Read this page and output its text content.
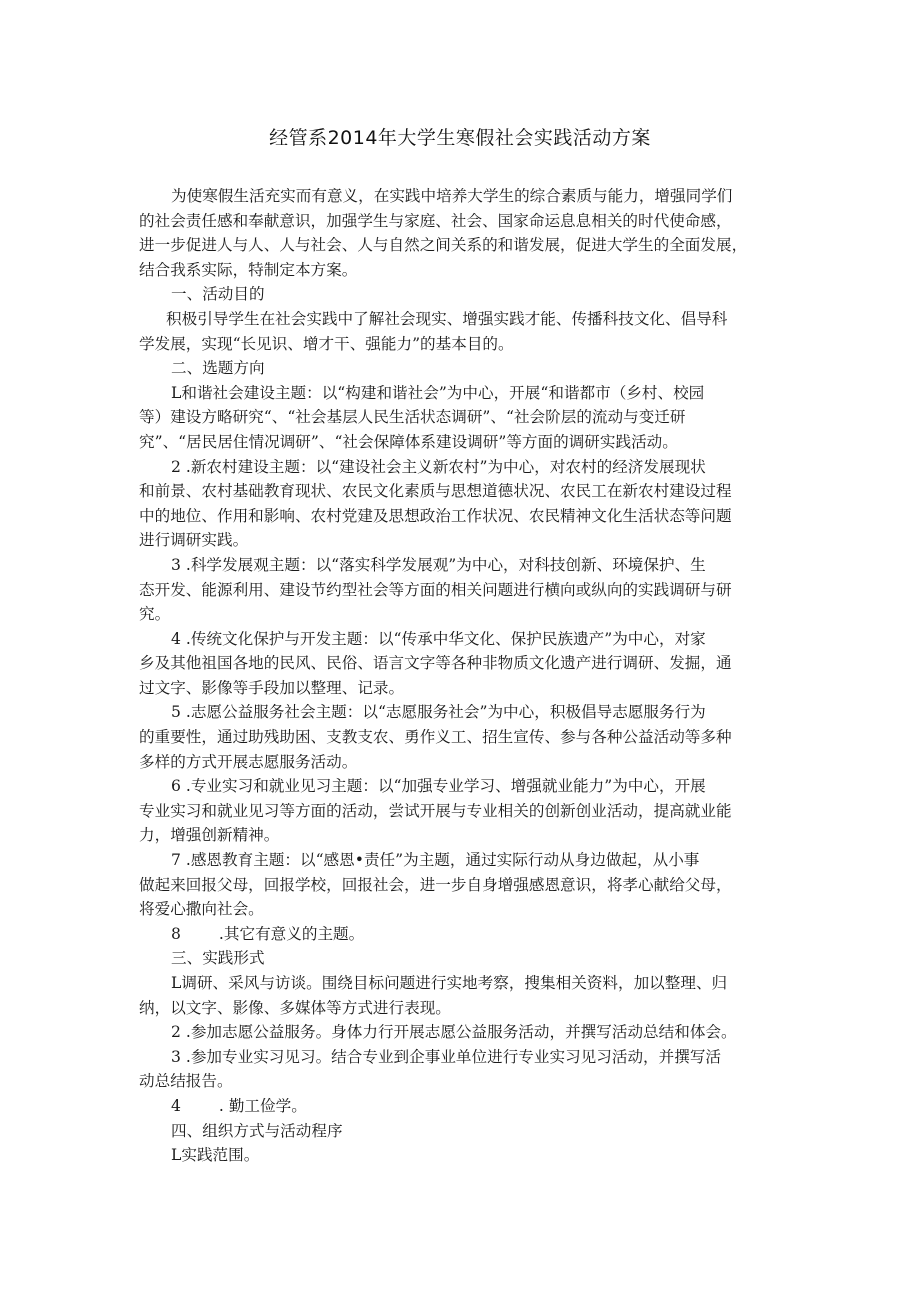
经管系2014年大学生寒假社会实践活动方案
为使寒假生活充实而有意义，在实践中培养大学生的综合素质与能力，增强同学们
的社会责任感和奉献意识，加强学生与家庭、社会、国家命运息息相关的时代使命感，
进一步促进人与人、人与社会、人与自然之间关系的和谐发展，促进大学生的全面发展，
结合我系实际，特制定本方案。
一、活动目的
积极引导学生在社会实践中了解社会现实、增强实践才能、传播科技文化、倡导科
学发展，实现“长见识、增才干、强能力”的基本目的。
二、选题方向
L和谐社会建设主题：以“构建和谐社会”为中心，开展“和谐都市（乡村、校园
等）建设方略研究“、“社会基层人民生活状态调研”、“社会阶层的流动与变迁研
究”、“居民居住情况调研”、“社会保障体系建设调研”等方面的调研实践活动。
2 .新农村建设主题：以“建设社会主义新农村”为中心，对农村的经济发展现状
和前景、农村基础教育现状、农民文化素质与思想道德状况、农民工在新农村建设过程
中的地位、作用和影响、农村党建及思想政治工作状况、农民精神文化生活状态等问题
进行调研实践。
3 .科学发展观主题：以“落实科学发展观”为中心，对科技创新、环境保护、生
态开发、能源利用、建设节约型社会等方面的相关问题进行横向或纵向的实践调研与研
究。
4 .传统文化保护与开发主题：以“传承中华文化、保护民族遗产”为中心，对家
乡及其他祖国各地的民风、民俗、语言文字等各种非物质文化遗产进行调研、发掘，通
过文字、影像等手段加以整理、记录。
5 .志愿公益服务社会主题：以“志愿服务社会”为中心，积极倡导志愿服务行为
的重要性，通过助残助困、支教支农、勇作义工、招生宣传、参与各种公益活动等多种
多样的方式开展志愿服务活动。
6 .专业实习和就业见习主题：以“加强专业学习、增强就业能力”为中心，开展
专业实习和就业见习等方面的活动，尝试开展与专业相关的创新创业活动，提高就业能
力，增强创新精神。
7 .感恩教育主题：以“感恩•责任”为主题，通过实际行动从身边做起，从小事
做起来回报父母，回报学校，回报社会，进一步自身增强感恩意识，将孝心献给父母，
将爱心撒向社会。
8 .其它有意义的主题。
三、实践形式
L调研、采风与访谈。围绕目标问题进行实地考察，搜集相关资料，加以整理、归
纳，以文字、影像、多媒体等方式进行表现。
2 .参加志愿公益服务。身体力行开展志愿公益服务活动，并撰写活动总结和体会。
3 .参加专业实习见习。结合专业到企事业单位进行专业实习见习活动，并撰写活
动总结报告。
4 . 勤工俭学。
四、组织方式与活动程序
L实践范围。
